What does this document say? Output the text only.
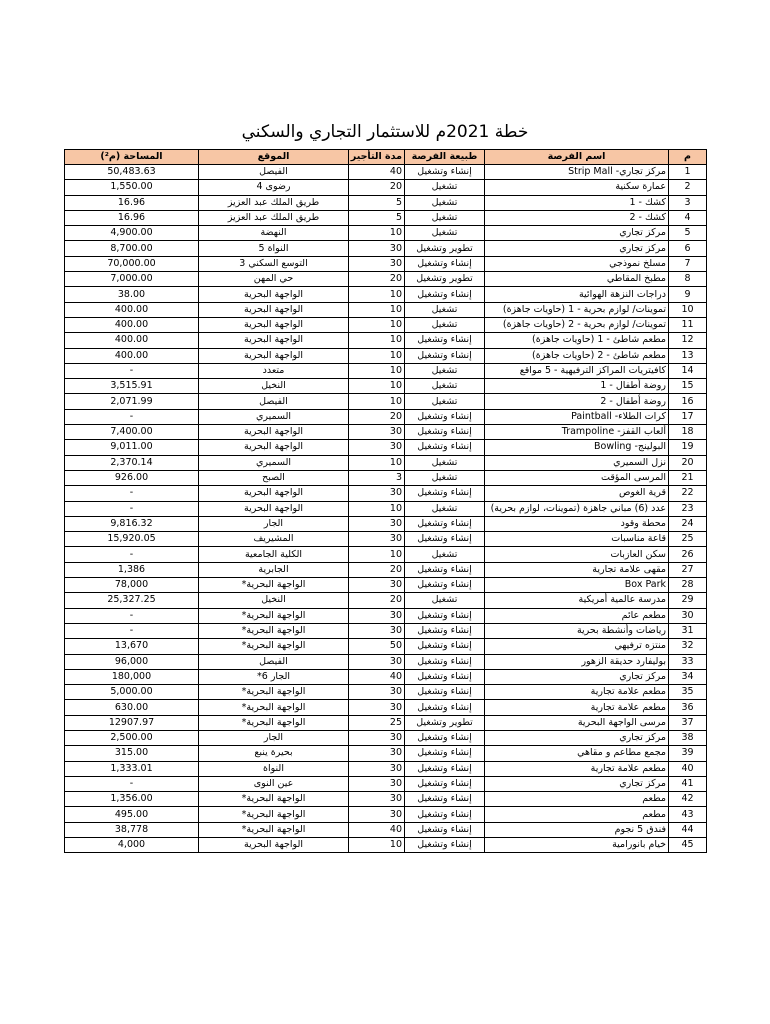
خطة 2021م للاستثمار التجاري والسكني
م	اسم الفرصة	طبيعة الفرصة	مدة التأجير	الموقع	المساحة (م²)
1	مركز تجاري- Strip Mall	إنشاء وتشغيل	40	الفيصل	50,483.63
2	عمارة سكنية	تشغيل	20	رضوى 4	1,550.00
3	كشك - 1	تشغيل	5	طريق الملك عبد العزيز	16.96
4	كشك - 2	تشغيل	5	طريق الملك عبد العزيز	16.96
5	مركز تجاري	تشغيل	10	النهضة	4,900.00
6	مركز تجاري	تطوير وتشغيل	30	النواة 5	8,700.00
7	مسلخ نموذجي	إنشاء وتشغيل	30	التوسع السكني 3	70,000.00
8	مطبخ المقاطي	تطوير وتشغيل	20	حي المهن	7,000.00
9	دراجات النزهة الهوائية	إنشاء وتشغيل	10	الواجهة البحرية	38.00
10	تموينات/ لوازم بحرية - 1 (حاويات جاهزة)	تشغيل	10	الواجهة البحرية	400.00
11	تموينات/ لوازم بحرية - 2 (حاويات جاهزة)	تشغيل	10	الواجهة البحرية	400.00
12	مطعم شاطئ - 1 (حاويات جاهزة)	إنشاء وتشغيل	10	الواجهة البحرية	400.00
13	مطعم شاطئ - 2 (حاويات جاهزة)	إنشاء وتشغيل	10	الواجهة البحرية	400.00
14	كافيتريات المراكز الترفيهية - 5 مواقع	تشغيل	10	متعدد	-
15	روضة أطفال - 1	تشغيل	10	النخيل	3,515.91
16	روضة أطفال - 2	تشغيل	10	الفيصل	2,071.99
17	كرات الطلاء- Paintball	إنشاء وتشغيل	20	السميري	-
18	ألعاب القفز- Trampoline	إنشاء وتشغيل	30	الواجهة البحرية	7,400.00
19	البولينج- Bowling	إنشاء وتشغيل	30	الواجهة البحرية	9,011.00
20	نزل السميري	تشغيل	10	السميري	2,370.14
21	المرسى المؤقت	تشغيل	3	الصبح	926.00
22	قرية الغوص	إنشاء وتشغيل	30	الواجهة البحرية	-
23	عدد (6) مباني جاهزة (تموينات، لوازم بحرية)	تشغيل	10	الواجهة البحرية	-
24	محطة وقود	إنشاء وتشغيل	30	الجار	9,816.32
25	قاعة مناسبات	إنشاء وتشغيل	30	المشيريف	15,920.05
26	سكن العازبات	تشغيل	10	الكلية الجامعية	-
27	مقهى علامة تجارية	إنشاء وتشغيل	20	الجابرية	1,386
28	Box Park	إنشاء وتشغيل	30	الواجهة البحرية*	78,000
29	مدرسة عالمية أمريكية	تشغيل	20	النخيل	25,327.25
30	مطعم عائم	إنشاء وتشغيل	30	الواجهة البحرية*	-
31	رياضات وأنشطة بحرية	إنشاء وتشغيل	30	الواجهة البحرية*	-
32	منتزه ترفيهي	إنشاء وتشغيل	50	الواجهة البحرية*	13,670
33	بوليفارد حديقة الزهور	إنشاء وتشغيل	30	الفيصل	96,000
34	مركز تجاري	إنشاء وتشغيل	40	الجار 6*	180,000
35	مطعم علامة تجارية	إنشاء وتشغيل	30	الواجهة البحرية*	5,000.00
36	مطعم علامة تجارية	إنشاء وتشغيل	30	الواجهة البحرية*	630.00
37	مرسى الواجهة البحرية	تطوير وتشغيل	25	الواجهة البحرية*	12907.97
38	مركز تجاري	إنشاء وتشغيل	30	الجار	2,500.00
39	مجمع مطاعم و مقاهي	إنشاء وتشغيل	30	بحيرة ينبع	315.00
40	مطعم علامة تجارية	إنشاء وتشغيل	30	النواة	1,333.01
41	مركز تجاري	إنشاء وتشغيل	30	عين النوى	-
42	مطعم	إنشاء وتشغيل	30	الواجهة البحرية*	1,356.00
43	مطعم	إنشاء وتشغيل	30	الواجهة البحرية*	495.00
44	فندق 5 نجوم	إنشاء وتشغيل	40	الواجهة البحرية*	38,778
45	خيام بانورامية	إنشاء وتشغيل	10	الواجهة البحرية	4,000
